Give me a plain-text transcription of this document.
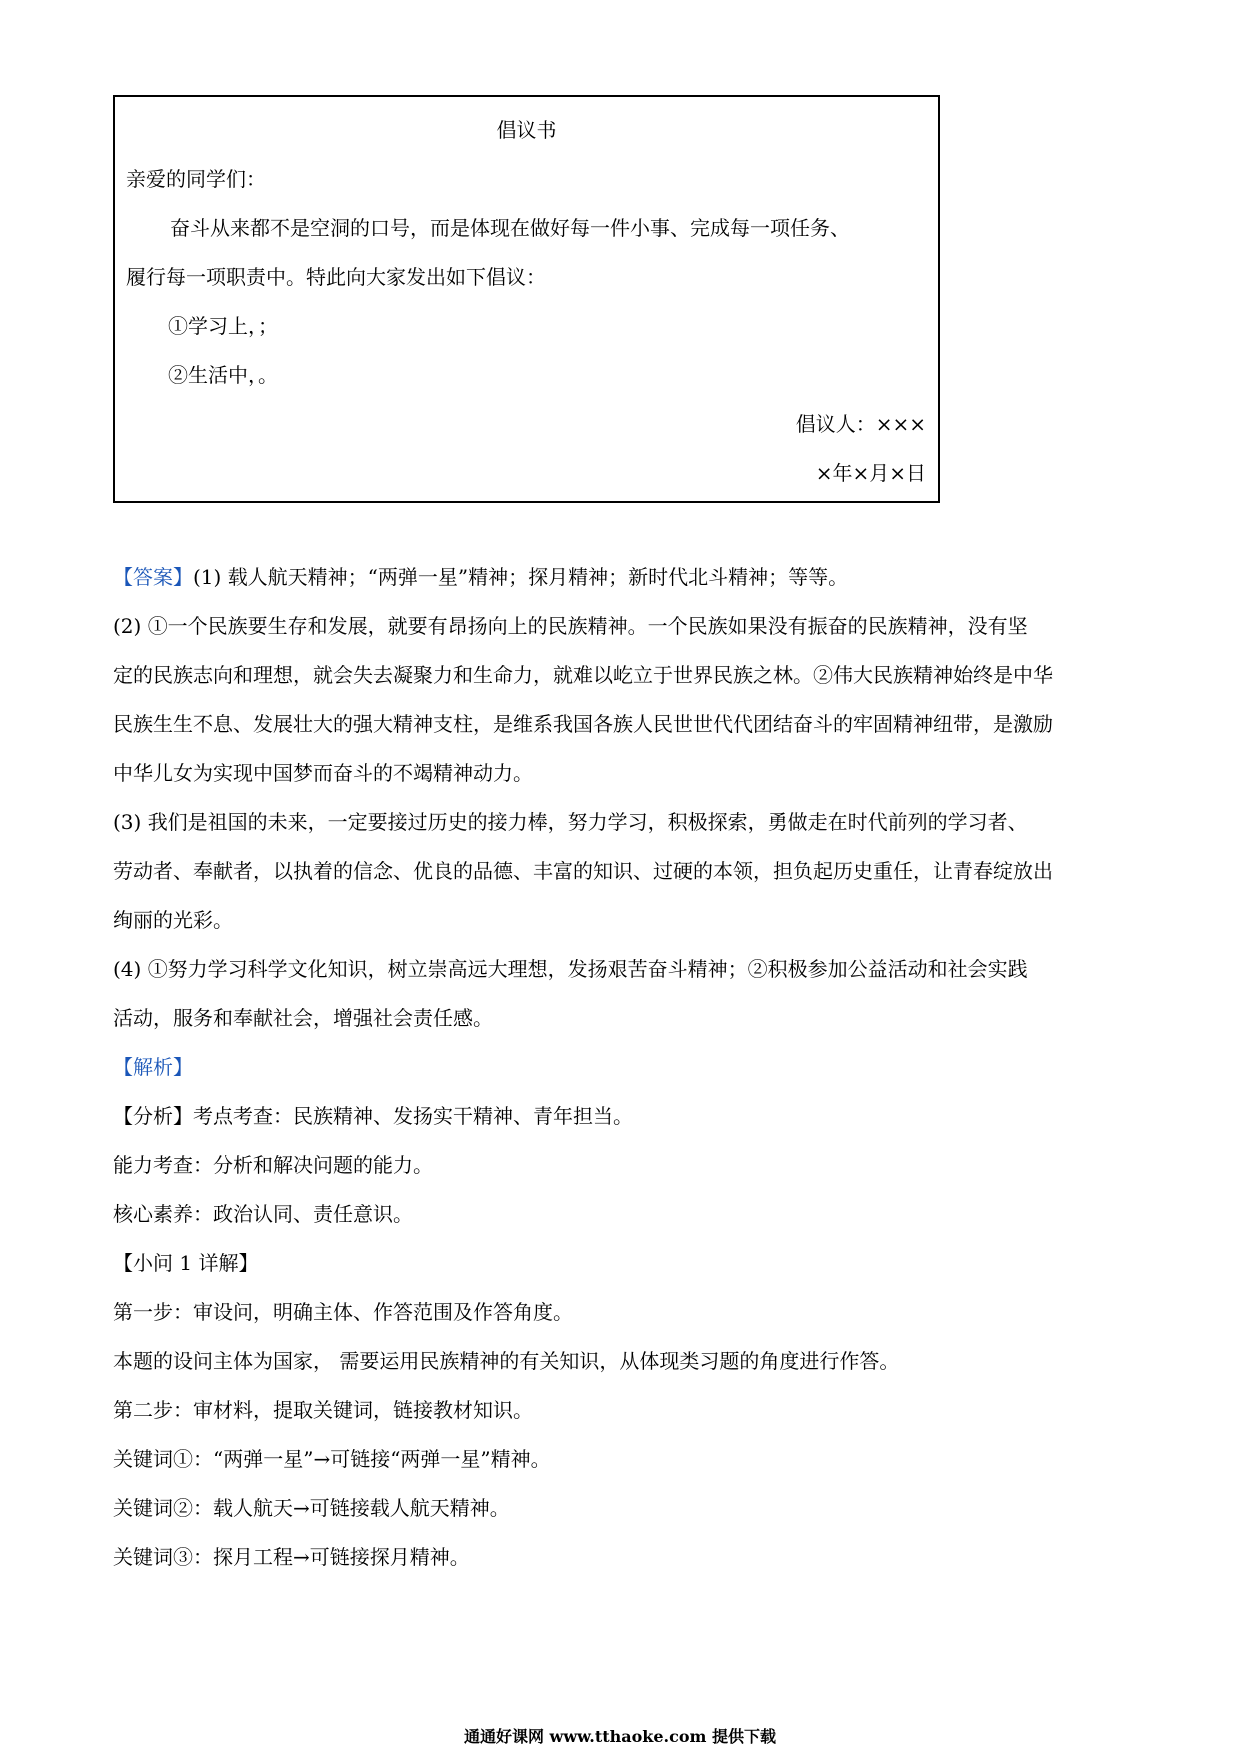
倡议书
亲爱的同学们：
奋斗从来都不是空洞的口号，而是体现在做好每一件小事、完成每一项任务、
履行每一项职责中。特此向大家发出如下倡议：
①学习上，；
②生活中，。
倡议人：×××
×年×月×日
【答案】(1) 载人航天精神；“两弹一星”精神；探月精神；新时代北斗精神；等等。
(2) ①一个民族要生存和发展，就要有昂扬向上的民族精神。一个民族如果没有振奋的民族精神，没有坚
定的民族志向和理想，就会失去凝聚力和生命力，就难以屹立于世界民族之林。②伟大民族精神始终是中华
民族生生不息、发展壮大的强大精神支柱，是维系我国各族人民世世代代团结奋斗的牢固精神纽带，是激励
中华儿女为实现中国梦而奋斗的不竭精神动力。
(3) 我们是祖国的未来，一定要接过历史的接力棒，努力学习，积极探索，勇做走在时代前列的学习者、
劳动者、奉献者，以执着的信念、优良的品德、丰富的知识、过硬的本领，担负起历史重任，让青春绽放出
绚丽的光彩。
(4) ①努力学习科学文化知识，树立崇高远大理想，发扬艰苦奋斗精神；②积极参加公益活动和社会实践
活动，服务和奉献社会，增强社会责任感。
【解析】
【分析】考点考查：民族精神、发扬实干精神、青年担当。
能力考查：分析和解决问题的能力。
核心素养：政治认同、责任意识。
【小问 1 详解】
第一步：审设问，明确主体、作答范围及作答角度。
本题的设问主体为国家， 需要运用民族精神的有关知识，从体现类习题的角度进行作答。
第二步：审材料，提取关键词，链接教材知识。
关键词①：“两弹一星”→可链接“两弹一星”精神。
关键词②：载人航天→可链接载人航天精神。
关键词③：探月工程→可链接探月精神。
通通好课网 www.tthaoke.com 提供下载
